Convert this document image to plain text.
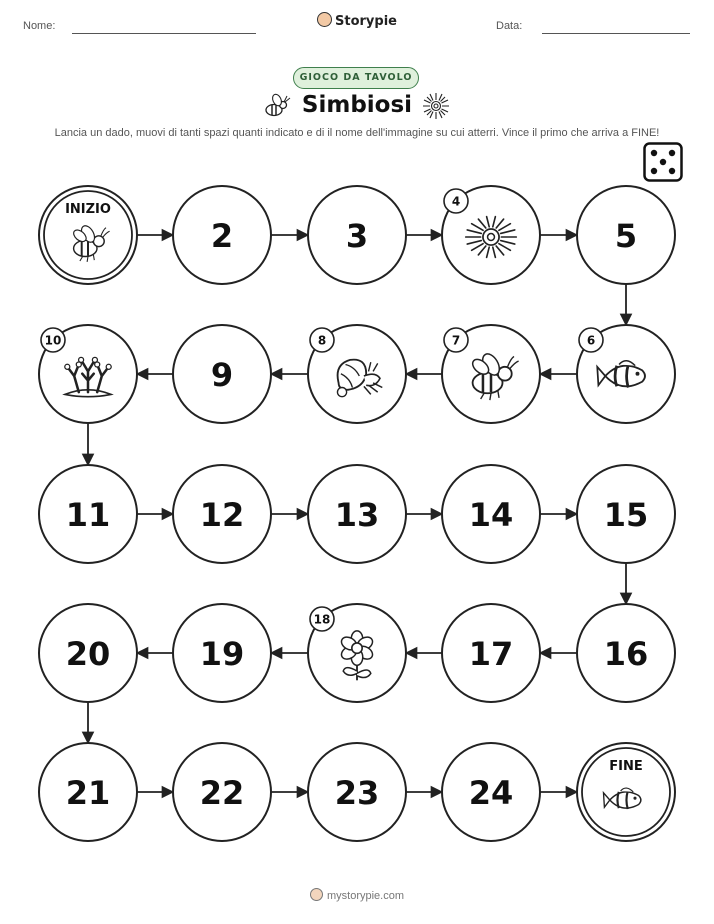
Nome:	Storypie	Data:
GIOCO DA TAVOLO
Simbiosi
Lancia un dado, muovi di tanti spazi quanti indicato e di il nome dell'immagine su cui atterri. Vince il primo che arriva a FINE!
INIZIO
2	3
4
5
6
7
8
9
10
11	12	13	14	15
16
17
18
19
20
21	22	23	24
FINE
mystorypie.com
